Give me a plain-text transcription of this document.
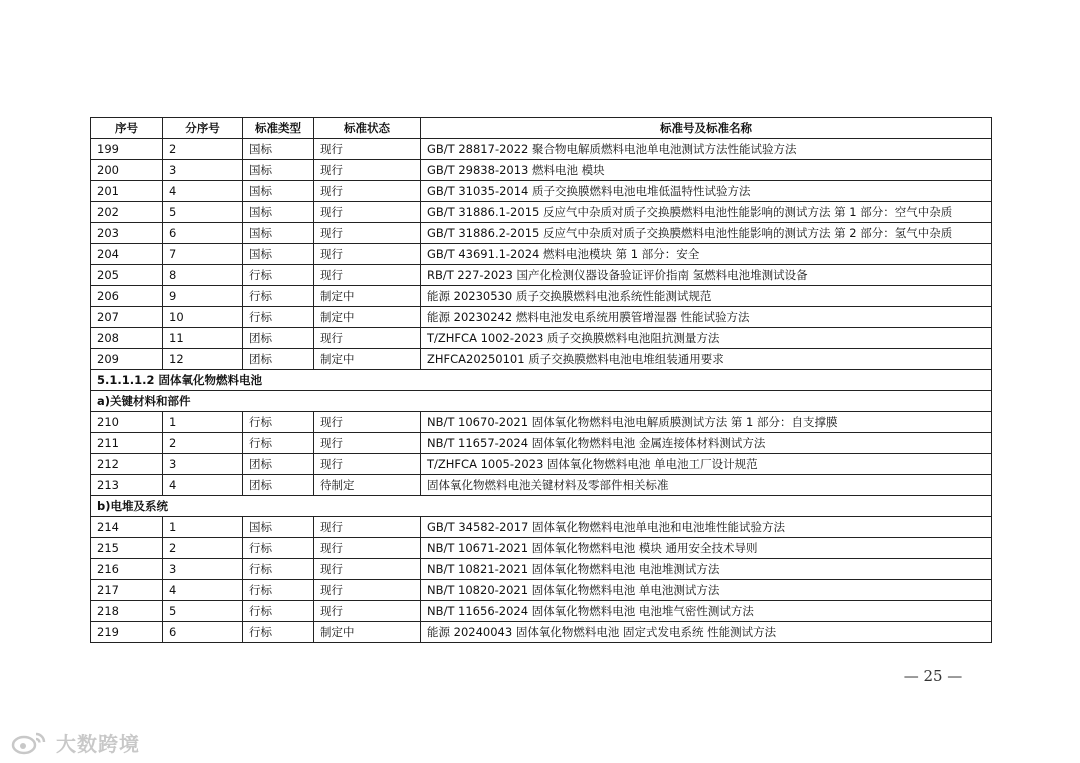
序号	分序号	标准类型	标准状态	标准号及标准名称
199	2	国标	现行	GB/T 28817-2022 聚合物电解质燃料电池单电池测试方法性能试验方法
200	3	国标	现行	GB/T 29838-2013 燃料电池 模块
201	4	国标	现行	GB/T 31035-2014 质子交换膜燃料电池电堆低温特性试验方法
202	5	国标	现行	GB/T 31886.1-2015 反应气中杂质对质子交换膜燃料电池性能影响的测试方法 第 1 部分：空气中杂质
203	6	国标	现行	GB/T 31886.2-2015 反应气中杂质对质子交换膜燃料电池性能影响的测试方法 第 2 部分：氢气中杂质
204	7	国标	现行	GB/T 43691.1-2024 燃料电池模块 第 1 部分：安全
205	8	行标	现行	RB/T 227-2023 国产化检测仪器设备验证评价指南 氢燃料电池堆测试设备
206	9	行标	制定中	能源 20230530 质子交换膜燃料电池系统性能测试规范
207	10	行标	制定中	能源 20230242 燃料电池发电系统用膜管增湿器 性能试验方法
208	11	团标	现行	T/ZHFCA 1002-2023 质子交换膜燃料电池阻抗测量方法
209	12	团标	制定中	ZHFCA20250101 质子交换膜燃料电池电堆组装通用要求
5.1.1.1.2 固体氧化物燃料电池				
a)关键材料和部件				
210	1	行标	现行	NB/T 10670-2021 固体氧化物燃料电池电解质膜测试方法 第 1 部分：自支撑膜
211	2	行标	现行	NB/T 11657-2024 固体氧化物燃料电池 金属连接体材料测试方法
212	3	团标	现行	T/ZHFCA 1005-2023 固体氧化物燃料电池 单电池工厂设计规范
213	4	团标	待制定	固体氧化物燃料电池关键材料及零部件相关标准
b)电堆及系统				
214	1	国标	现行	GB/T 34582-2017 固体氧化物燃料电池单电池和电池堆性能试验方法
215	2	行标	现行	NB/T 10671-2021 固体氧化物燃料电池 模块 通用安全技术导则
216	3	行标	现行	NB/T 10821-2021 固体氧化物燃料电池 电池堆测试方法
217	4	行标	现行	NB/T 10820-2021 固体氧化物燃料电池 单电池测试方法
218	5	行标	现行	NB/T 11656-2024 固体氧化物燃料电池 电池堆气密性测试方法
219	6	行标	制定中	能源 20240043 固体氧化物燃料电池 固定式发电系统 性能测试方法
— 25 —
大数跨境
